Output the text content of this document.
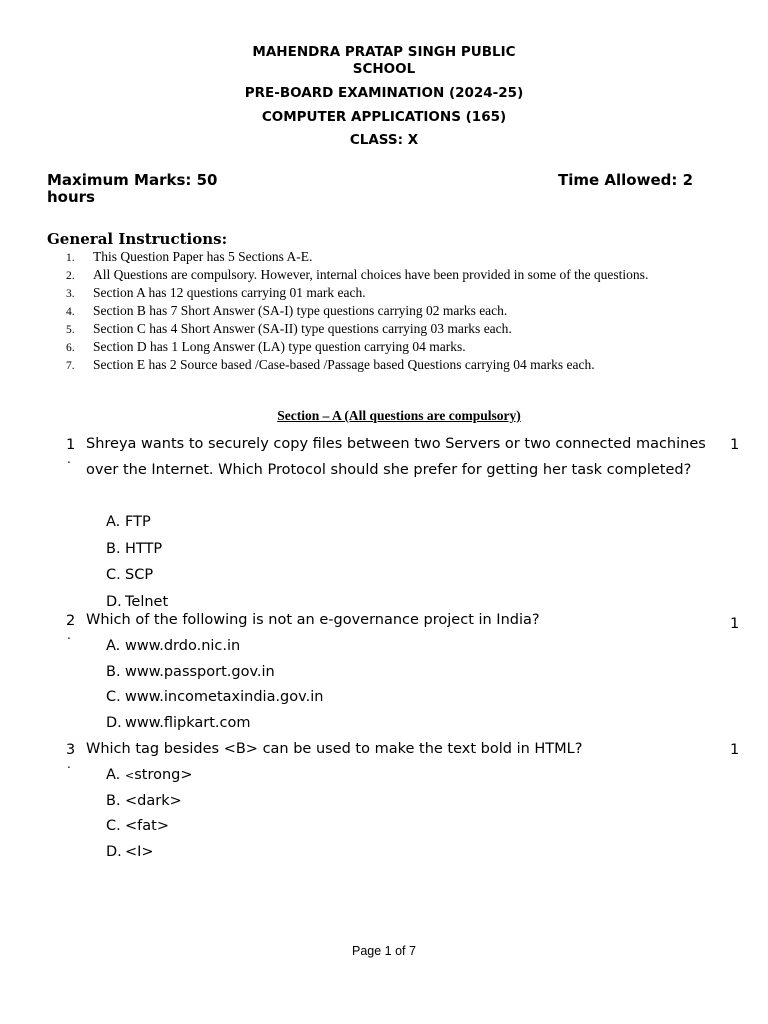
MAHENDRA PRATAP SINGH PUBLIC
SCHOOL
PRE-BOARD EXAMINATION (2024-25)
COMPUTER APPLICATIONS (165)
CLASS: X
Maximum Marks: 50	Time Allowed: 2
hours
General Instructions:
1. This Question Paper has 5 Sections A-E.
2. All Questions are compulsory. However, internal choices have been provided in some of the questions.
3. Section A has 12 questions carrying 01 mark each.
4. Section B has 7 Short Answer (SA-I) type questions carrying 02 marks each.
5. Section C has 4 Short Answer (SA-II) type questions carrying 03 marks each.
6. Section D has 1 Long Answer (LA) type question carrying 04 marks.
7. Section E has 2 Source based /Case-based /Passage based Questions carrying 04 marks each.
Section – A (All questions are compulsory)
1
.
Shreya wants to securely copy files between two Servers or two connected machines over the Internet. Which Protocol should she prefer for getting her task completed?
1
A. FTP
B. HTTP
C. SCP
D. Telnet
2
.
Which of the following is not an e-governance project in India?	1
A. www.drdo.nic.in
B. www.passport.gov.in
C. www.incometaxindia.gov.in
D. www.flipkart.com
3
.
Which tag besides <B> can be used to make the text bold in HTML?	1
A. <strong>
B. <dark>
C. <fat>
D. <I>
Page 1 of 7
